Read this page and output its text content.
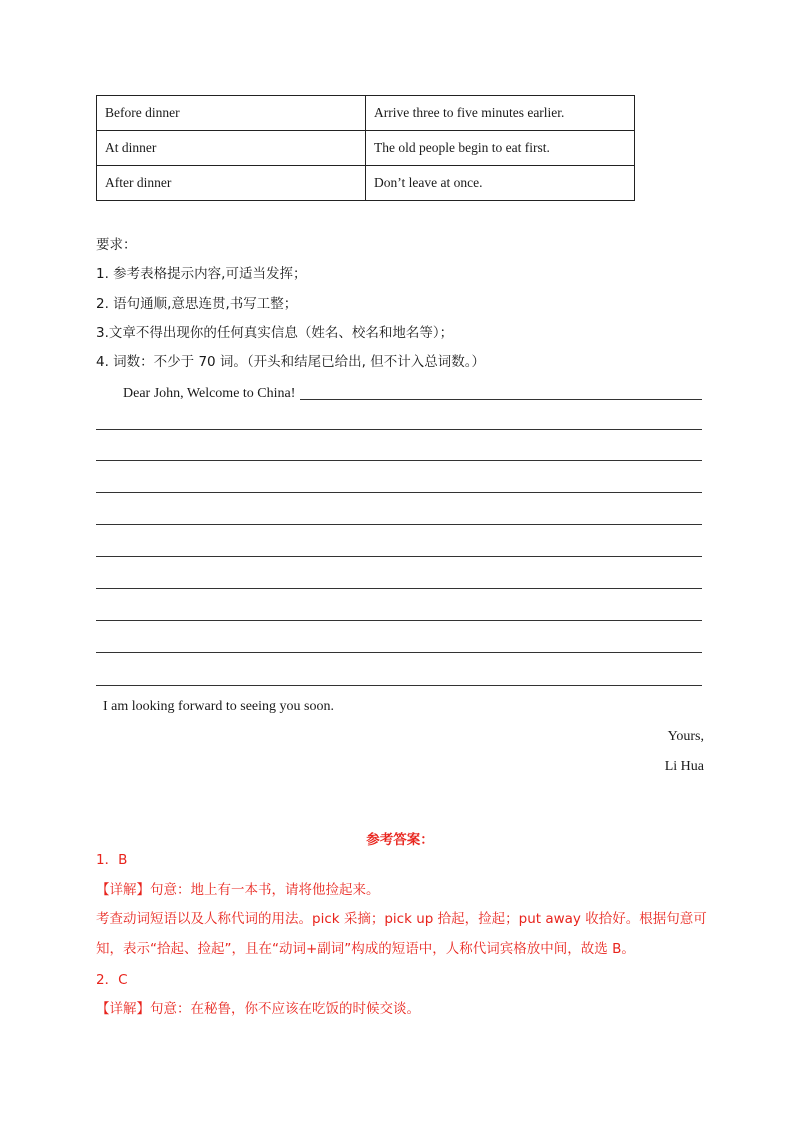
Before dinner	Arrive three to five minutes earlier.
At dinner	The old people begin to eat first.
After dinner	Don’t leave at once.
要求：
1. 参考表格提示内容,可适当发挥；
2. 语句通顺,意思连贯,书写工整；
3.文章不得出现你的任何真实信息（姓名、校名和地名等）；
4. 词数：不少于 70 词。（开头和结尾已给出, 但不计入总词数。）
Dear John, Welcome to China!
I am looking forward to seeing you soon.
Yours,
Li Hua
参考答案：
1．B
【详解】句意：地上有一本书，请将他捡起来。
考查动词短语以及人称代词的用法。pick 采摘；pick up 拾起，捡起；put away 收拾好。根据句意可
知，表示“拾起、捡起”，且在“动词+副词”构成的短语中，人称代词宾格放中间，故选 B。
2．C
【详解】句意：在秘鲁，你不应该在吃饭的时候交谈。
